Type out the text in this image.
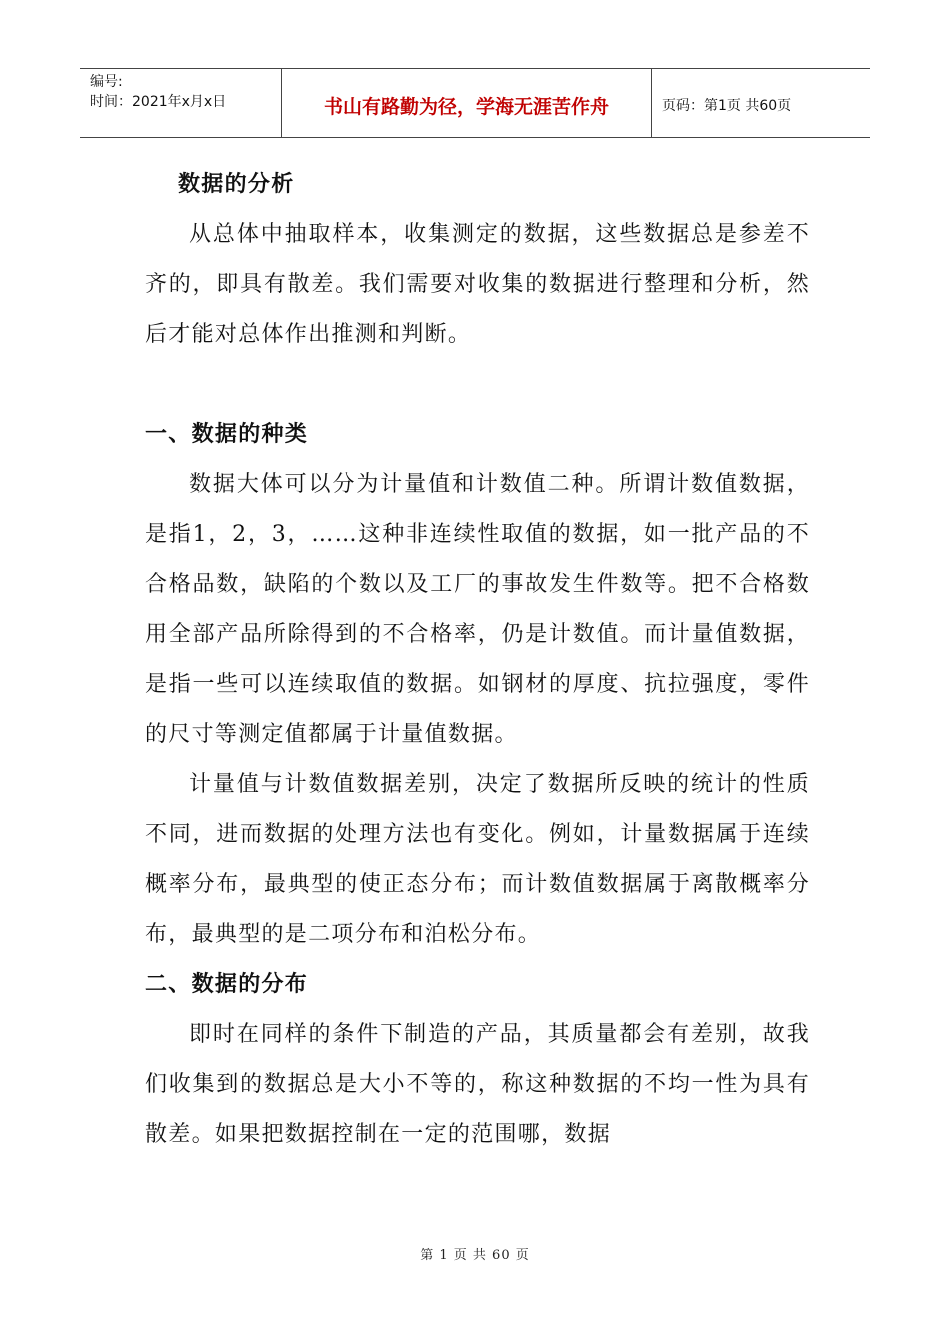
编号:
时间：2021年x月x日	书山有路勤为径，学海无涯苦作舟	页码：第1页 共60页
数据的分析

从总体中抽取样本，收集测定的数据，这些数据总是参差不齐的，即具有散差。我们需要对收集的数据进行整理和分析，然后才能对总体作出推测和判断。

一、数据的种类

数据大体可以分为计量值和计数值二种。所谓计数值数据，是指1，2，3，……这种非连续性取值的数据，如一批产品的不合格品数，缺陷的个数以及工厂的事故发生件数等。把不合格数用全部产品所除得到的不合格率，仍是计数值。而计量值数据，是指一些可以连续取值的数据。如钢材的厚度、抗拉强度，零件的尺寸等测定值都属于计量值数据。

计量值与计数值数据差别，决定了数据所反映的统计的性质不同，进而数据的处理方法也有变化。例如，计量数据属于连续概率分布，最典型的使正态分布；而计数值数据属于离散概率分布，最典型的是二项分布和泊松分布。

二、数据的分布

即时在同样的条件下制造的产品，其质量都会有差别，故我们收集到的数据总是大小不等的，称这种数据的不均一性为具有散差。如果把数据控制在一定的范围哪，数据

第 1 页 共 60 页
